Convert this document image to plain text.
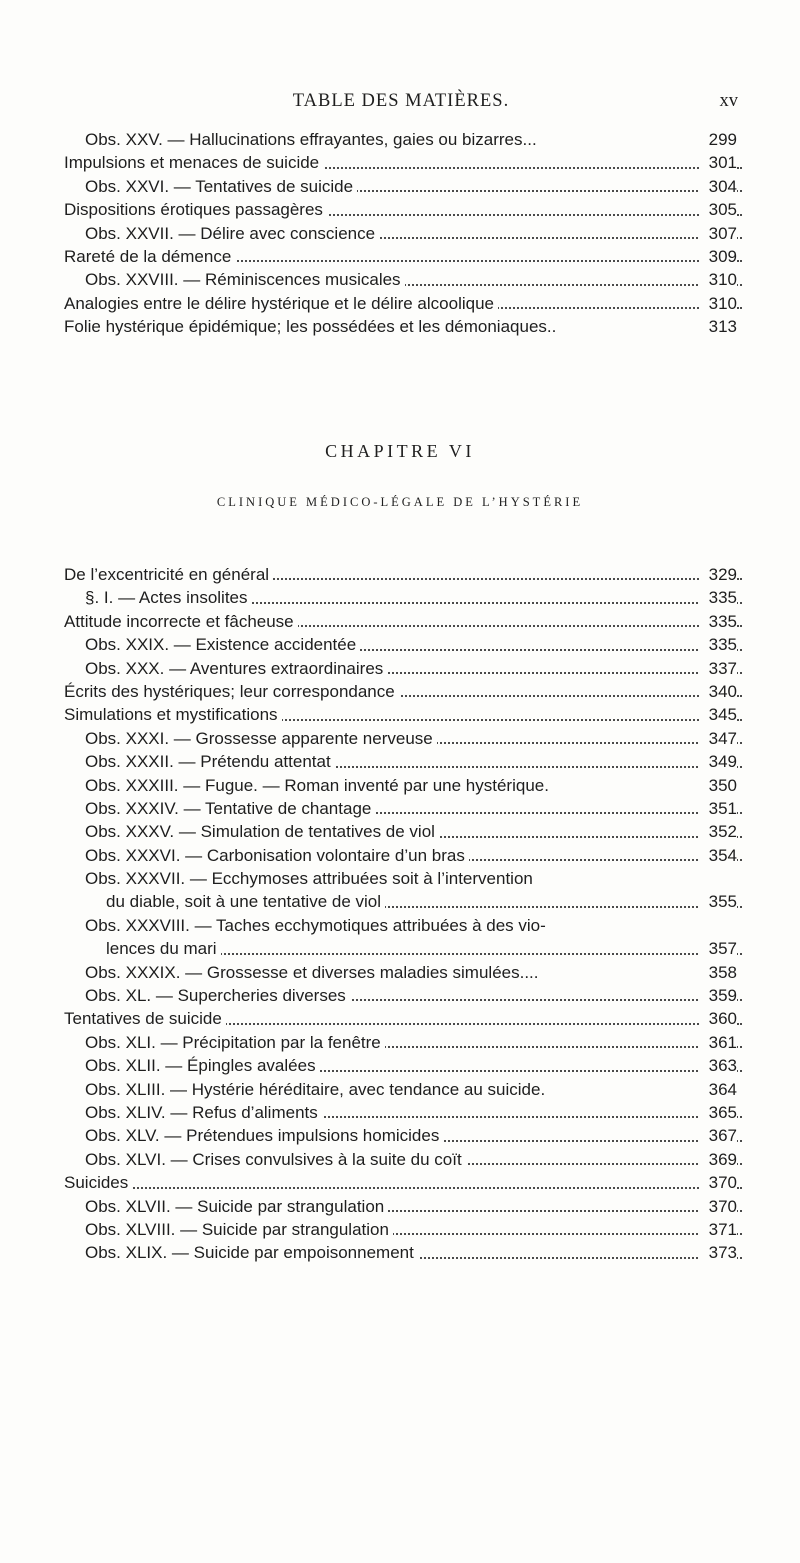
TABLE DES MATIÈRES.	xv
Obs. XXV. — Hallucinations effrayantes, gaies ou bizarres...	299
Impulsions et menaces de suicide	301
Obs. XXVI. — Tentatives de suicide	304
Dispositions érotiques passagères	305
Obs. XXVII. — Délire avec conscience	307
Rareté de la démence	309
Obs. XXVIII. — Réminiscences musicales	310
Analogies entre le délire hystérique et le délire alcoolique	310
Folie hystérique épidémique; les possédées et les démoniaques..	313
CHAPITRE VI
CLINIQUE MÉDICO-LÉGALE DE L’HYSTÉRIE
De l’excentricité en général	329
§. I. — Actes insolites	335
Attitude incorrecte et fâcheuse	335
Obs. XXIX. — Existence accidentée	335
Obs. XXX. — Aventures extraordinaires	337
Écrits des hystériques; leur correspondance	340
Simulations et mystifications	345
Obs. XXXI. — Grossesse apparente nerveuse	347
Obs. XXXII. — Prétendu attentat	349
Obs. XXXIII. — Fugue. — Roman inventé par une hystérique.	350
Obs. XXXIV. — Tentative de chantage	351
Obs. XXXV. — Simulation de tentatives de viol	352
Obs. XXXVI. — Carbonisation volontaire d’un bras	354
Obs. XXXVII. — Ecchymoses attribuées soit à l’intervention
du diable, soit à une tentative de viol	355
Obs. XXXVIII. — Taches ecchymotiques attribuées à des vio-
lences du mari	357
Obs. XXXIX. — Grossesse et diverses maladies simulées....	358
Obs. XL. — Supercheries diverses	359
Tentatives de suicide	360
Obs. XLI. — Précipitation par la fenêtre	361
Obs. XLII. — Épingles avalées	363
Obs. XLIII. — Hystérie héréditaire, avec tendance au suicide.	364
Obs. XLIV. — Refus d’aliments	365
Obs. XLV. — Prétendues impulsions homicides	367
Obs. XLVI. — Crises convulsives à la suite du coït	369
Suicides	370
Obs. XLVII. — Suicide par strangulation	370
Obs. XLVIII. — Suicide par strangulation	371
Obs. XLIX. — Suicide par empoisonnement	373
